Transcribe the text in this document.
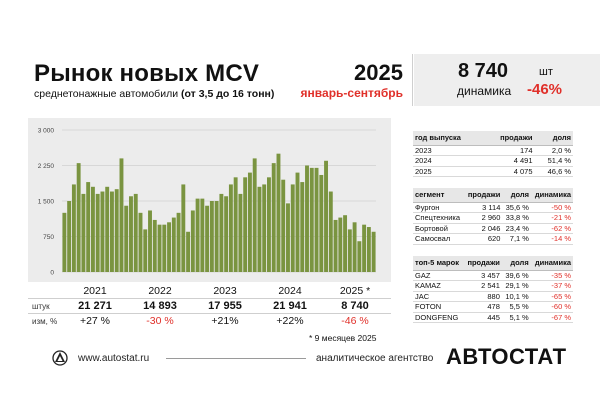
Рынок новых MCV
среднетонажные автомобили (от 3,5 до 16 тонн)
2025
январь-сентябрь
8 740	шт
динамика -46%
3 000
2 250
1 500
750
0
2021	2022	2023	2024	2025 *
штук	21 271	14 893	17 955	21 941	8 740
изм, %	+27 %	-30 %	+21%	+22%	-46 %
* 9 месяцев 2025
год выпуска	продажи	доля
2023	174	2,0 %
2024	4 491	51,4 %
2025	4 075	46,6 %
сегмент	продажи	доля	динамика
Фургон	3 114	35,6 %	-50 %
Спецтехника	2 960	33,8 %	-21 %
Бортовой	2 046	23,4 %	-62 %
Самосвал	620	7,1 %	-14 %
топ-5 марок	продажи	доля	динамика
GAZ	3 457	39,6 %	-35 %
KAMAZ	2 541	29,1 %	-37 %
JAC	880	10,1 %	-65 %
FOTON	478	5,5 %	-60 %
DONGFENG	445	5,1 %	-67 %
www.autostat.ru	аналитическое агентство АВТОСТАТ
